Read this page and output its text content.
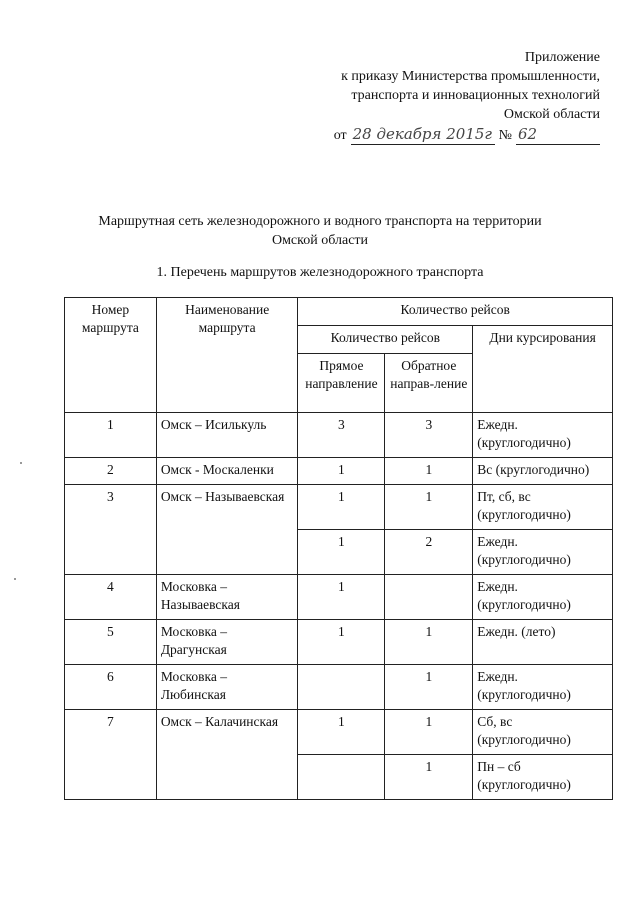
Приложение
к приказу Министерства промышленности,
транспорта и инновационных технологий
Омской области
от 28 декабря 2015г № 62
Маршрутная сеть железнодорожного и водного транспорта на территории
Омской области
1. Перечень маршрутов железнодорожного транспорта
Номер маршрута	Наименование маршрута	Количество рейсов		
		Количество рейсов		Дни курсирования
		Прямое направление	Обратное направ-ление	
1	Омск – Исилькуль	3	3	Ежедн. (круглогодично)
2	Омск - Москаленки	1	1	Вс (круглогодично)
3	Омск – Называевская	1	1	Пт, сб, вс (круглогодично)
		1	2	Ежедн. (круглогодично)
4	Московка – Называевская	1		Ежедн. (круглогодично)
5	Московка – Драгунская	1	1	Ежедн. (лето)
6	Московка – Любинская		1	Ежедн. (круглогодично)
7	Омск – Калачинская	1	1	Сб, вс (круглогодично)
			1	Пн – сб (круглогодично)
